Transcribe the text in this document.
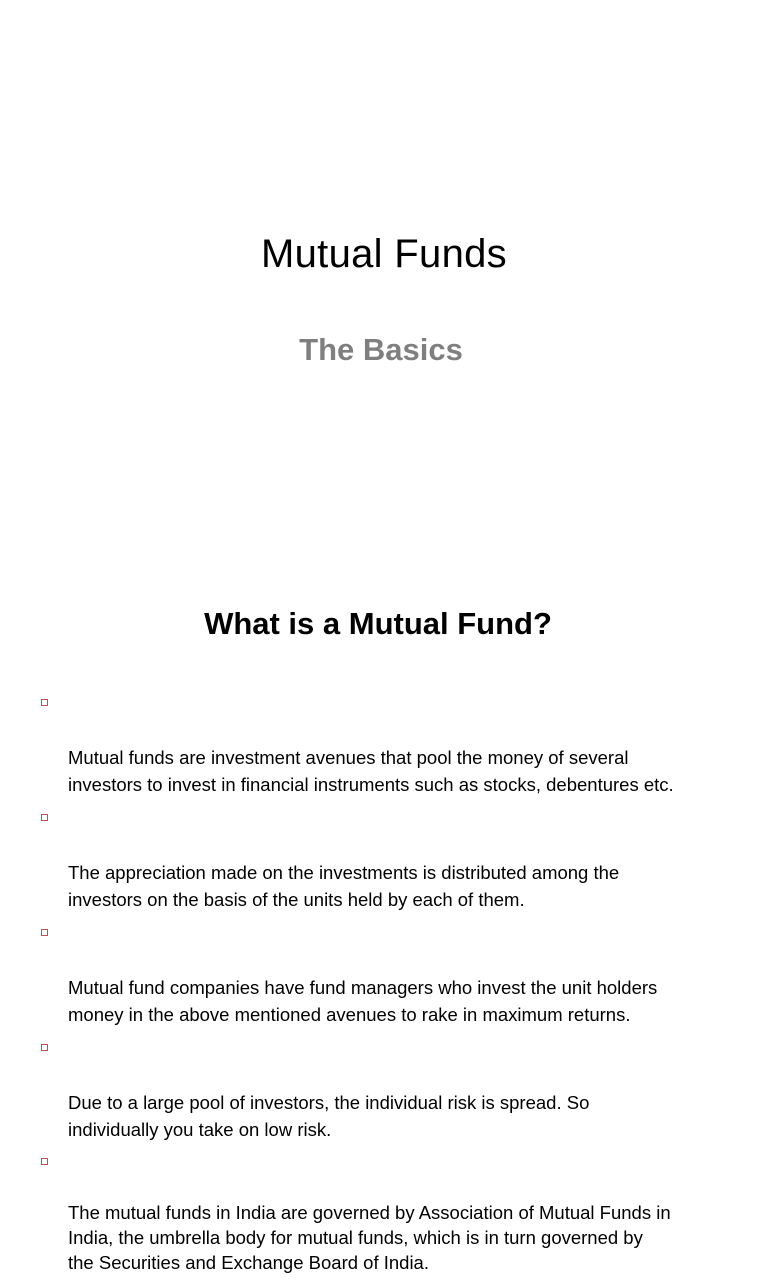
Mutual Funds
The Basics
What is a Mutual Fund?

Mutual funds are investment avenues that pool the money of several
investors to invest in financial instruments such as stocks, debentures etc.

The appreciation made on the investments is distributed among the
investors on the basis of the units held by each of them.

Mutual fund companies have fund managers who invest the unit holders
money in the above mentioned avenues to rake in maximum returns.

Due to a large pool of investors, the individual risk is spread. So
individually you take on low risk.

The mutual funds in India are governed by Association of Mutual Funds in
India, the umbrella body for mutual funds, which is in turn governed by
the Securities and Exchange Board of India.
